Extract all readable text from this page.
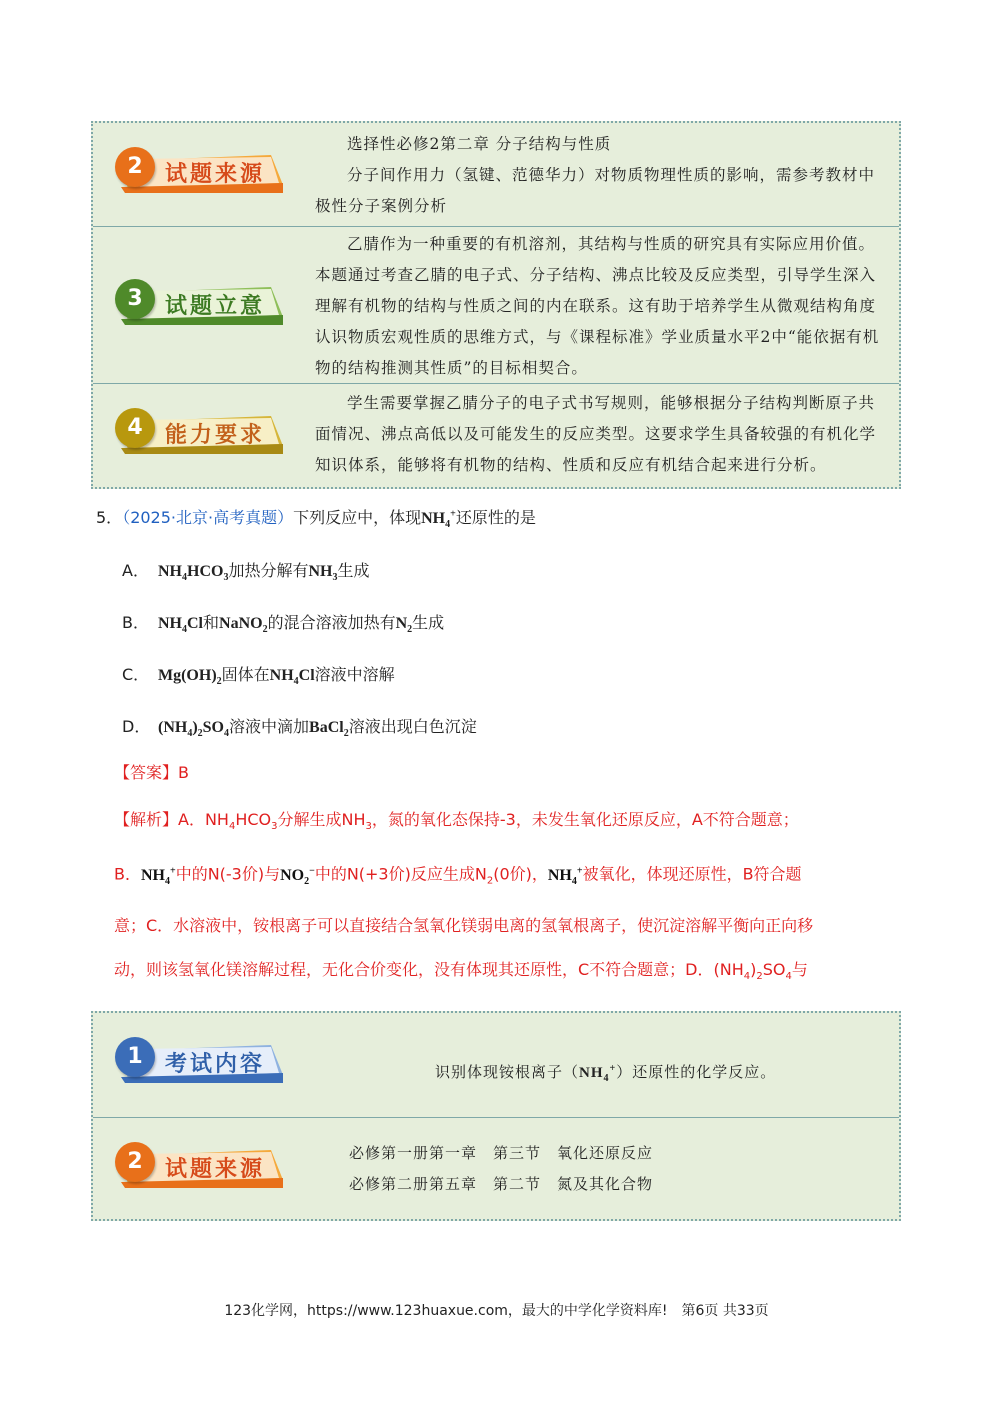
2	试题来源

选择性必修2第二章 分子结构与性质

分子间作用力（氢键、范德华力）对物质物理性质的影响，需参考教材中极性分子案例分析

3	试题立意

乙腈作为一种重要的有机溶剂，其结构与性质的研究具有实际应用价值。本题通过考查乙腈的电子式、分子结构、沸点比较及反应类型，引导学生深入理解有机物的结构与性质之间的内在联系。这有助于培养学生从微观结构角度认识物质宏观性质的思维方式，与《课程标准》学业质量水平2中“能依据有机物的结构推测其性质”的目标相契合。

4	能力要求

学生需要掌握乙腈分子的电子式书写规则，能够根据分子结构判断原子共面情况、沸点高低以及可能发生的反应类型。这要求学生具备较强的有机化学知识体系，能够将有机物的结构、性质和反应有机结合起来进行分析。

5．（2025·北京·高考真题）下列反应中，体现$NH_4^+$还原性的是
A． $NH_4HCO_3$加热分解有$NH_3$生成
B． $NH_4Cl$和NaNO$_2$的混合溶液加热有$N_2$生成
C． $Mg(OH)_2$固体在$NH_4Cl$溶液中溶解
D． $(NH_4)_2SO_4$溶液中滴加BaCl$_2$溶液出现白色沉淀
【答案】B
【解析】A．$NH_4HCO_3$分解生成$NH_3$，氮的氧化态保持-3，未发生氧化还原反应，A不符合题意；
B．$NH_4^+$中的N(-3价)与$NO_2^-$中的N(+3价)反应生成$N_2(0$价)，$NH_4^+$被氧化，体现还原性，B符合题
意；C．水溶液中，铵根离子可以直接结合氢氧化镁弱电离的氢氧根离子，使沉淀溶解平衡向正向移
动，则该氢氧化镁溶解过程，无化合价变化，没有体现其还原性，C不符合题意；D．$(NH_4)_2SO_4$与

1	考试内容	识别体现铵根离子$(NH_4^+)$还原性的化学反应。
2	试题来源

必修第一册第一章　第三节　氧化还原反应

必修第二册第五章　第二节　氮及其化合物

123化学网，https://www.123huaxue.com，最大的中学化学资料库!　第6页 共33页
